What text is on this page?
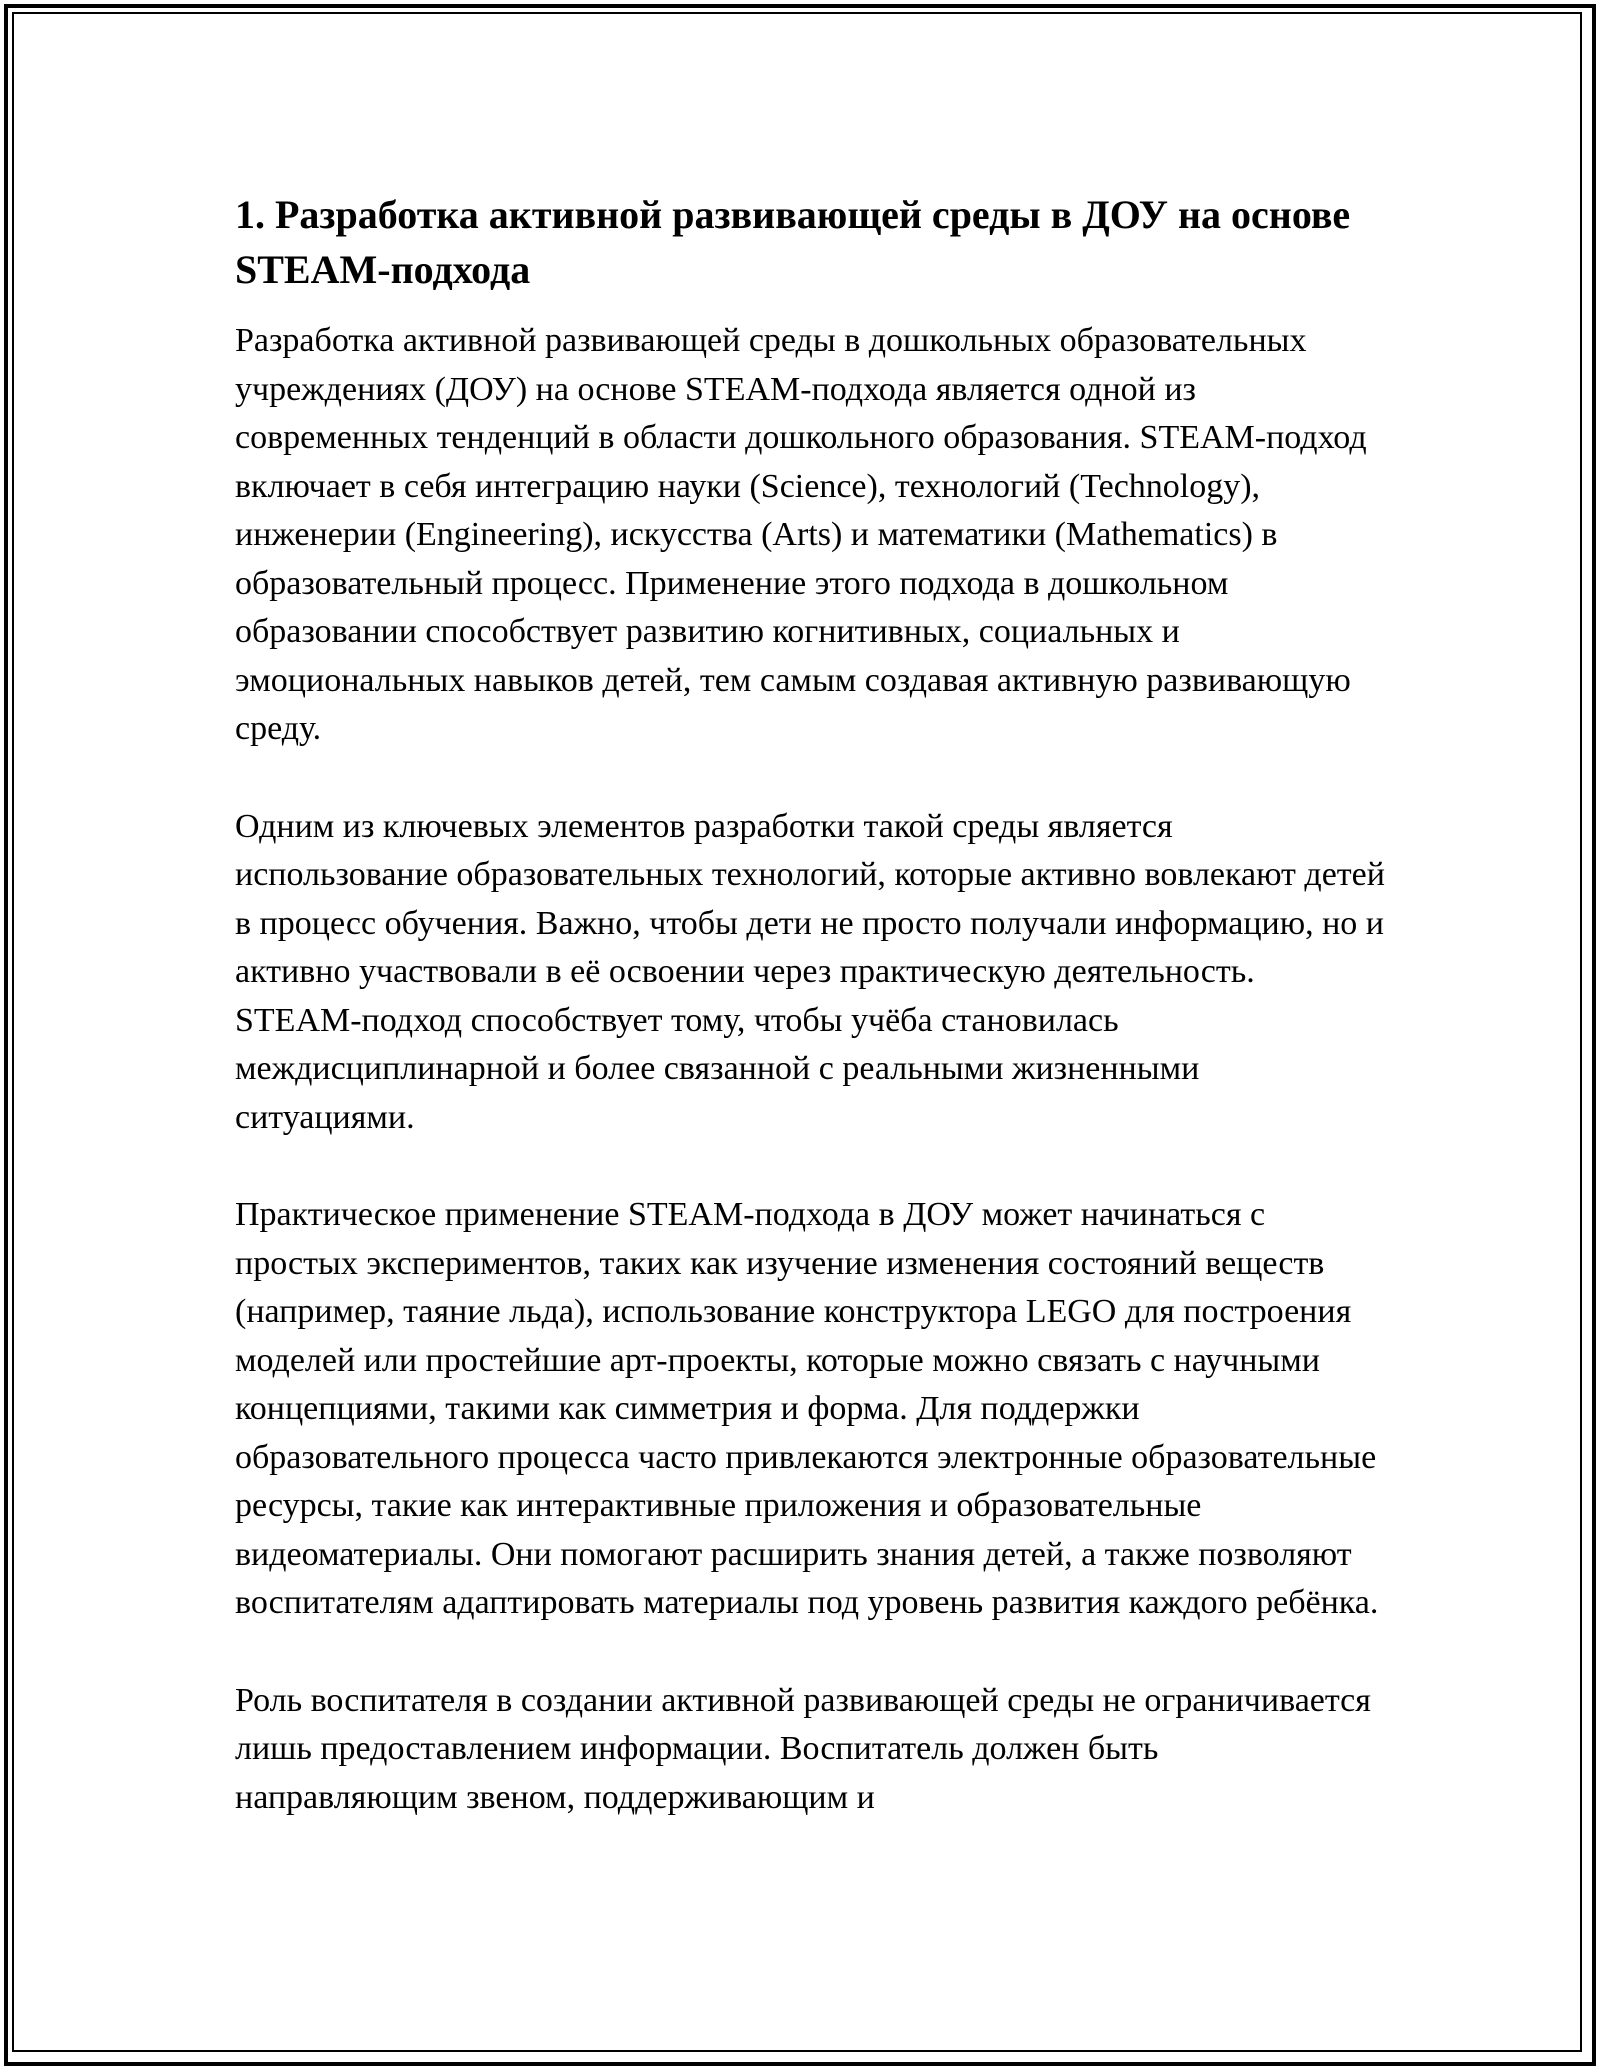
1. Разработка активной развивающей среды в ДОУ на основе STEAM-подхода

Разработка активной развивающей среды в дошкольных образовательных учреждениях (ДОУ) на основе STEAM-подхода является одной из современных тенденций в области дошкольного образования. STEAM-подход включает в себя интеграцию науки (Science), технологий (Technology), инженерии (Engineering), искусства (Arts) и математики (Mathematics) в образовательный процесс. Применение этого подхода в дошкольном образовании способствует развитию когнитивных, социальных и эмоциональных навыков детей, тем самым создавая активную развивающую среду.

Одним из ключевых элементов разработки такой среды является использование образовательных технологий, которые активно вовлекают детей в процесс обучения. Важно, чтобы дети не просто получали информацию, но и активно участвовали в её освоении через практическую деятельность. STEAM-подход способствует тому, чтобы учёба становилась междисциплинарной и более связанной с реальными жизненными ситуациями.

Практическое применение STEAM-подхода в ДОУ может начинаться с простых экспериментов, таких как изучение изменения состояний веществ (например, таяние льда), использование конструктора LEGO для построения моделей или простейшие арт-проекты, которые можно связать с научными концепциями, такими как симметрия и форма. Для поддержки образовательного процесса часто привлекаются электронные образовательные ресурсы, такие как интерактивные приложения и образовательные видеоматериалы. Они помогают расширить знания детей, а также позволяют воспитателям адаптировать материалы под уровень развития каждого ребёнка.

Роль воспитателя в создании активной развивающей среды не ограничивается лишь предоставлением информации. Воспитатель должен быть направляющим звеном, поддерживающим и
